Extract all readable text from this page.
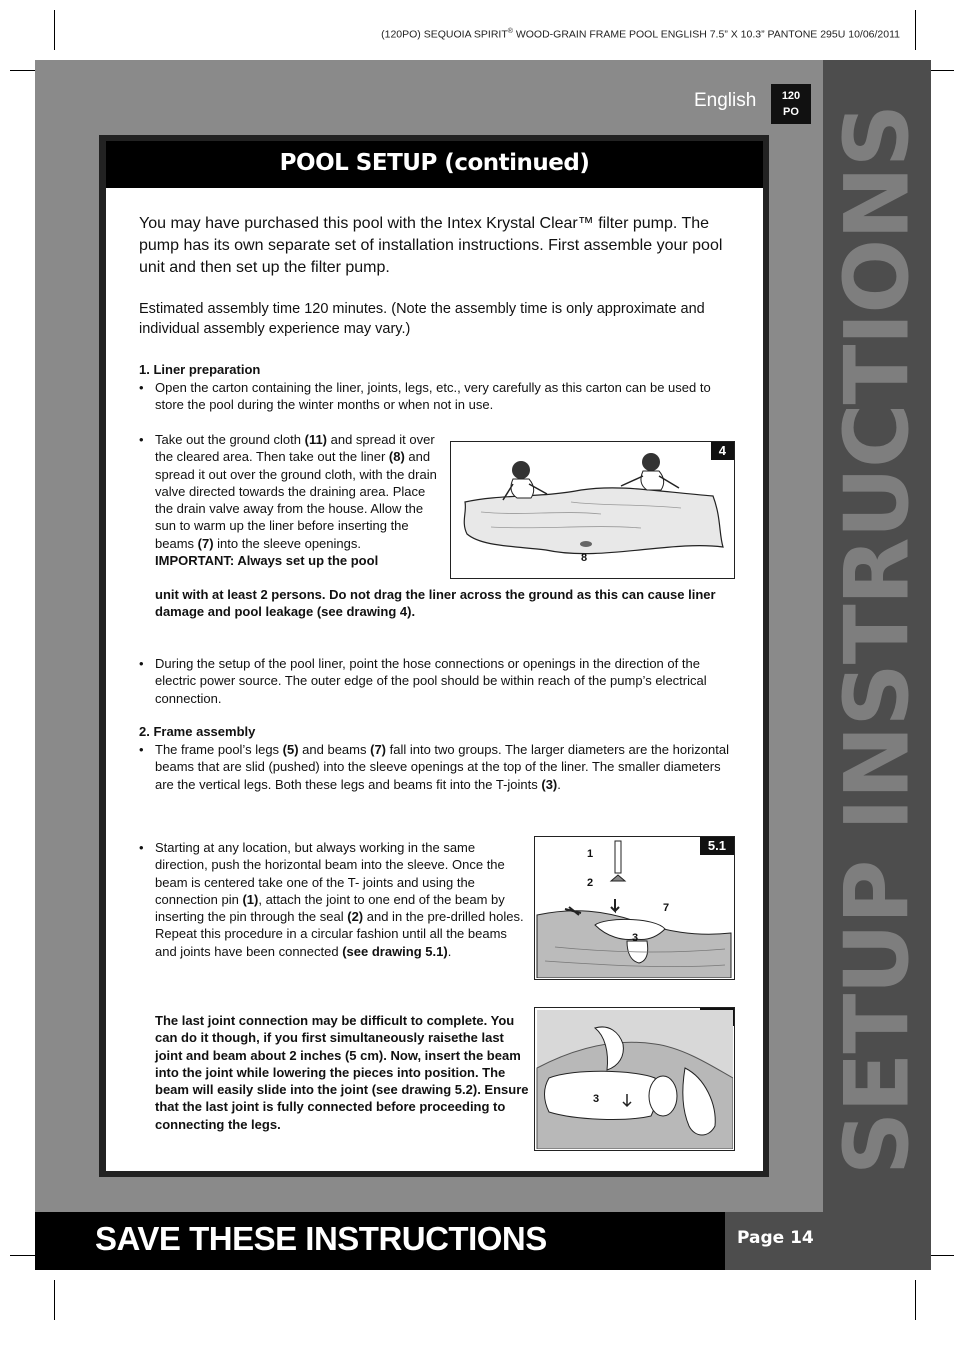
(120PO) SEQUOIA SPIRIT® WOOD-GRAIN FRAME POOL ENGLISH 7.5” X 10.3” PANTONE 295U 10/06/2011
SETUP INSTRUCTIONS
English	120
PO
POOL SETUP (continued)
You may have purchased this pool with the Intex Krystal Clear™ filter pump. The pump has its own separate set of installation instructions. First assemble your pool unit and then set up the filter pump.
Estimated assembly time 120 minutes. (Note the assembly time is only approximate and individual assembly experience may vary.)
1. Liner preparation
• Open the carton containing the liner, joints, legs, etc., very carefully as this carton can be used to store the pool during the winter months or when not in use.
• Take out the ground cloth (11) and spread it over the cleared area. Then take out the liner (8) and spread it out over the ground cloth, with the drain valve directed towards the draining area. Place the drain valve away from the house. Allow the sun to warm up the liner before inserting the beams (7) into the sleeve openings.
IMPORTANT: Always set up the pool
unit with at least 2 persons. Do not drag the liner across the ground as this can cause liner damage and pool leakage (see drawing 4).
4
8
• During the setup of the pool liner, point the hose connections or openings in the direction of the electric power source. The outer edge of the pool should be within reach of the pump’s electrical connection.
2. Frame assembly
• The frame pool’s legs (5) and beams (7) fall into two groups. The larger diameters are the horizontal beams that are slid (pushed) into the sleeve openings at the top of the liner. The smaller diameters are the vertical legs. Both these legs and beams fit into the T-joints (3).
• Starting at any location, but always working in the same direction, push the horizontal beam into the sleeve. Once the beam is centered take one of the T- joints and using the connection pin (1), attach the joint to one end of the beam by inserting the pin through the seal (2) and in the pre-drilled holes. Repeat this procedure in a circular fashion until all the beams and joints have been connected (see drawing 5.1).
5.1
1
2
7
3
The last joint connection may be difficult to complete. You can do it though, if you first simultaneously raisethe last joint and beam about 2 inches (5 cm). Now, insert the beam into the joint while lowering the pieces into position. The beam will easily slide into the joint (see drawing 5.2). Ensure that the last joint is fully connected before proceeding to connecting the legs.
3
SAVE THESE INSTRUCTIONS	Page 14
